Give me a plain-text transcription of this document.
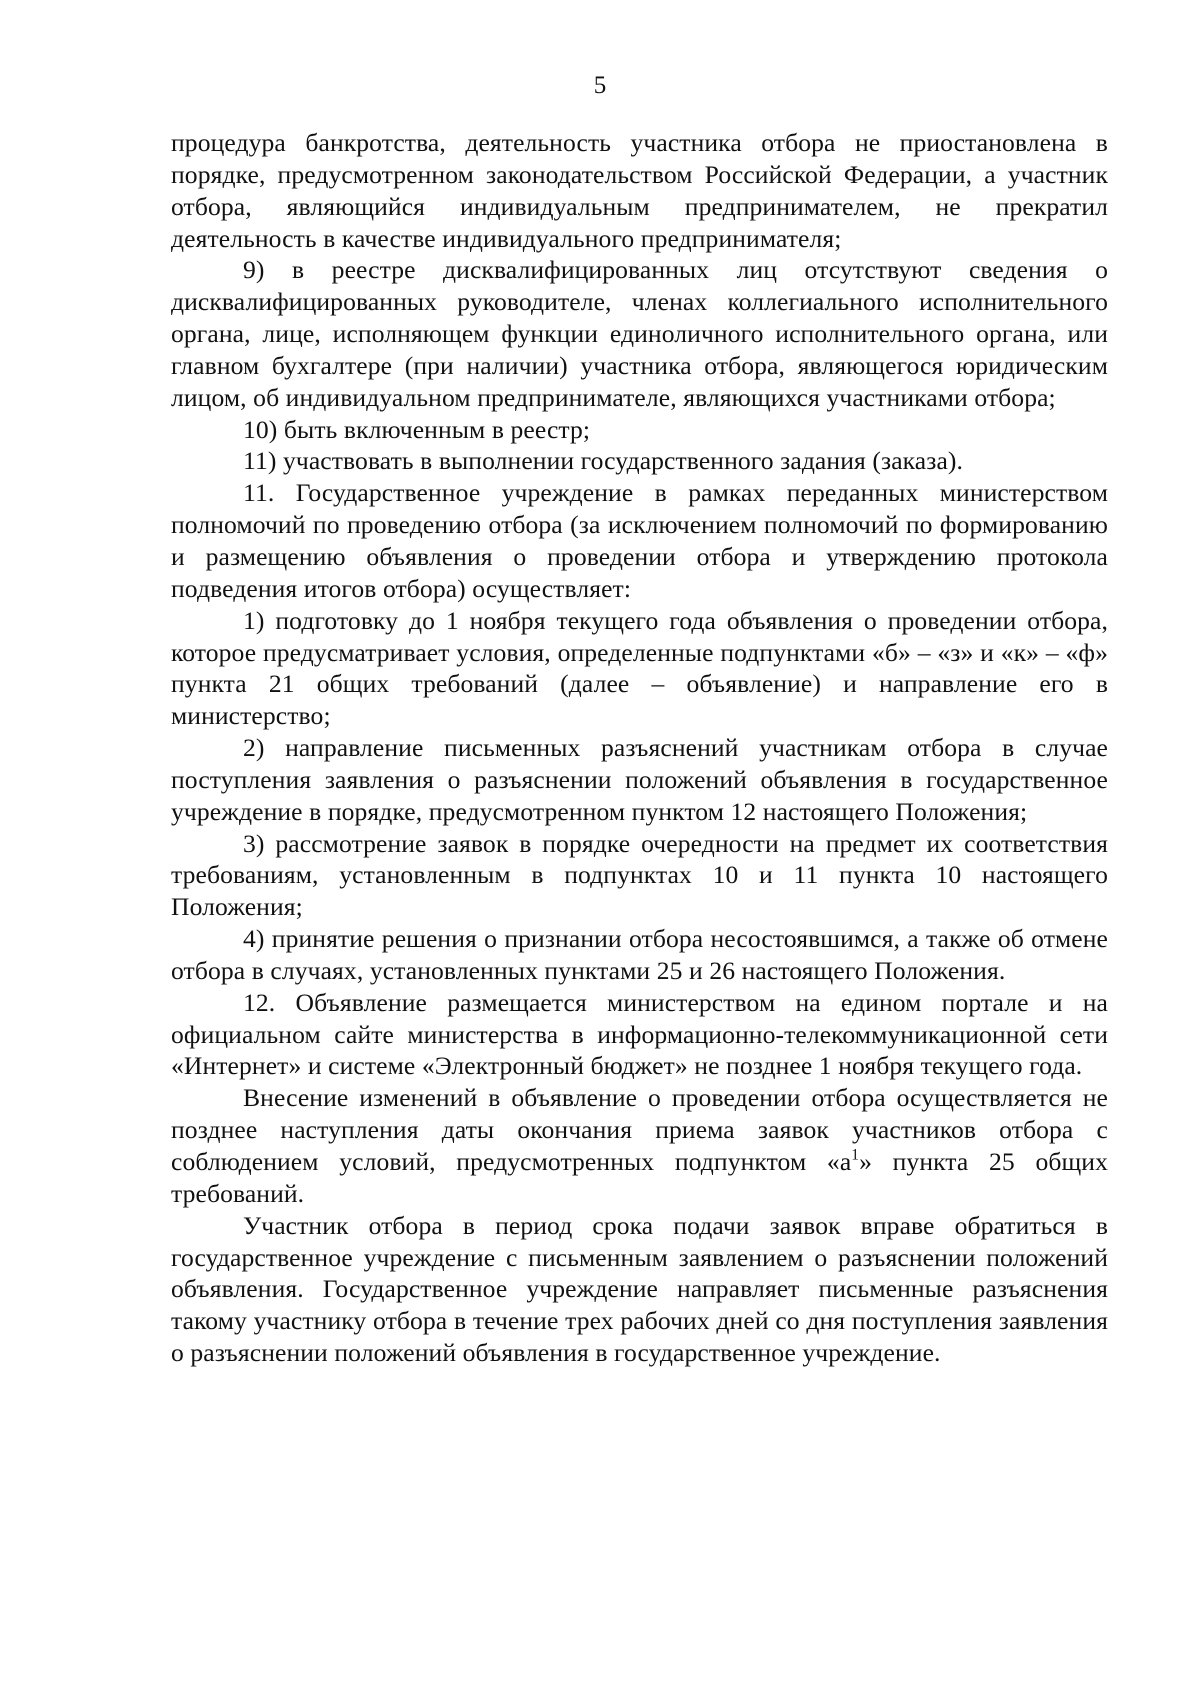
5

процедура банкротства, деятельность участника отбора не приостановлена в порядке, предусмотренном законодательством Российской Федерации, а участник отбора, являющийся индивидуальным предпринимателем, не прекратил деятельность в качестве индивидуального предпринимателя;

9) в реестре дисквалифицированных лиц отсутствуют сведения о дисквалифицированных руководителе, членах коллегиального исполнительного органа, лице, исполняющем функции единоличного исполнительного органа, или главном бухгалтере (при наличии) участника отбора, являющегося юридическим лицом, об индивидуальном предпринимателе, являющихся участниками отбора;

10) быть включенным в реестр;

11) участвовать в выполнении государственного задания (заказа).

11. Государственное учреждение в рамках переданных министерством полномочий по проведению отбора (за исключением полномочий по формированию и размещению объявления о проведении отбора и утверждению протокола подведения итогов отбора) осуществляет:

1) подготовку до 1 ноября текущего года объявления о проведении отбора, которое предусматривает условия, определенные подпунктами «б» – «з» и «к» – «ф» пункта 21 общих требований (далее – объявление) и направление его в министерство;

2) направление письменных разъяснений участникам отбора в случае поступления заявления о разъяснении положений объявления в государственное учреждение в порядке, предусмотренном пунктом 12 настоящего Положения;

3) рассмотрение заявок в порядке очередности на предмет их соответствия требованиям, установленным в подпунктах 10 и 11 пункта 10 настоящего Положения;

4) принятие решения о признании отбора несостоявшимся, а также об отмене отбора в случаях, установленных пунктами 25 и 26 настоящего Положения.

12. Объявление размещается министерством на едином портале и на официальном сайте министерства в информационно-телекоммуникационной сети «Интернет» и системе «Электронный бюджет» не позднее 1 ноября текущего года.

Внесение изменений в объявление о проведении отбора осуществляется не позднее наступления даты окончания приема заявок участников отбора с соблюдением условий, предусмотренных подпунктом «$а^1$» пункта 25 общих требований.

Участник отбора в период срока подачи заявок вправе обратиться в государственное учреждение с письменным заявлением о разъяснении положений объявления. Государственное учреждение направляет письменные разъяснения такому участнику отбора в течение трех рабочих дней со дня поступления заявления о разъяснении положений объявления в государственное учреждение.
